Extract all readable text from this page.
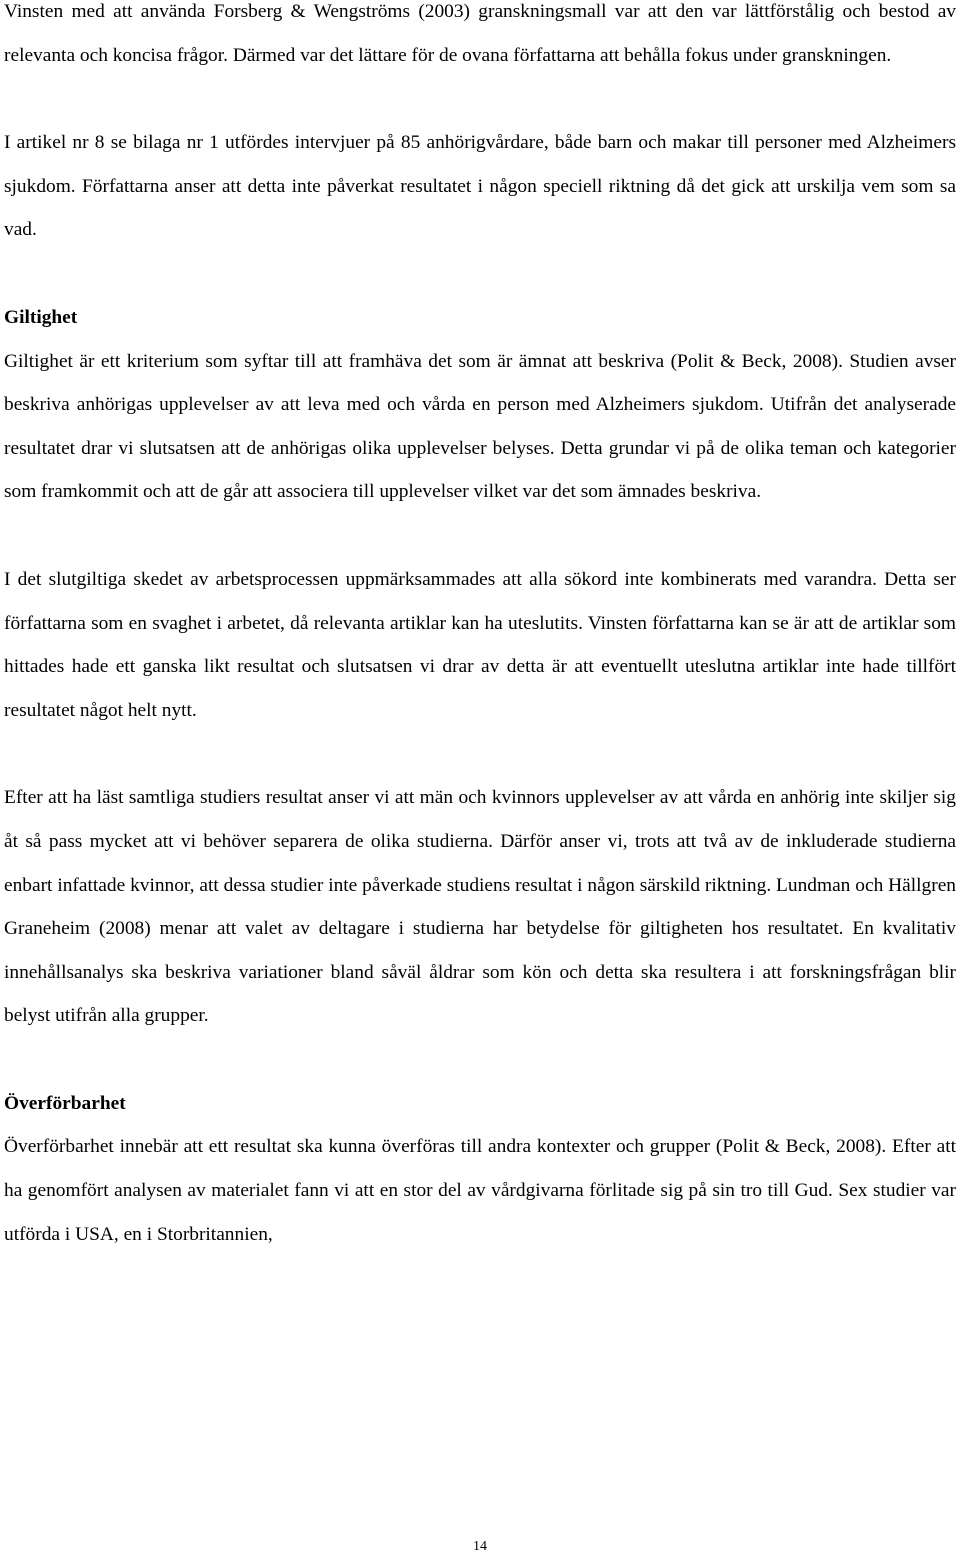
Vinsten med att använda Forsberg & Wengströms (2003) granskningsmall var att den var lättförstålig och bestod av relevanta och koncisa frågor. Därmed var det lättare för de ovana författarna att behålla fokus under granskningen.

I artikel nr 8 se bilaga nr 1 utfördes intervjuer på 85 anhörigvårdare, både barn och makar till personer med Alzheimers sjukdom. Författarna anser att detta inte påverkat resultatet i någon speciell riktning då det gick att urskilja vem som sa vad.

Giltighet

Giltighet är ett kriterium som syftar till att framhäva det som är ämnat att beskriva (Polit & Beck, 2008). Studien avser beskriva anhörigas upplevelser av att leva med och vårda en person med Alzheimers sjukdom. Utifrån det analyserade resultatet drar vi slutsatsen att de anhörigas olika upplevelser belyses. Detta grundar vi på de olika teman och kategorier som framkommit och att de går att associera till upplevelser vilket var det som ämnades beskriva.

I det slutgiltiga skedet av arbetsprocessen uppmärksammades att alla sökord inte kombinerats med varandra. Detta ser författarna som en svaghet i arbetet, då relevanta artiklar kan ha uteslutits. Vinsten författarna kan se är att de artiklar som hittades hade ett ganska likt resultat och slutsatsen vi drar av detta är att eventuellt uteslutna artiklar inte hade tillfört resultatet något helt nytt.

Efter att ha läst samtliga studiers resultat anser vi att män och kvinnors upplevelser av att vårda en anhörig inte skiljer sig åt så pass mycket att vi behöver separera de olika studierna. Därför anser vi, trots att två av de inkluderade studierna enbart infattade kvinnor, att dessa studier inte påverkade studiens resultat i någon särskild riktning. Lundman och Hällgren Graneheim (2008) menar att valet av deltagare i studierna har betydelse för giltigheten hos resultatet. En kvalitativ innehållsanalys ska beskriva variationer bland såväl åldrar som kön och detta ska resultera i att forskningsfrågan blir belyst utifrån alla grupper.

Överförbarhet

Överförbarhet innebär att ett resultat ska kunna överföras till andra kontexter och grupper (Polit & Beck, 2008). Efter att ha genomfört analysen av materialet fann vi att en stor del av vårdgivarna förlitade sig på sin tro till Gud. Sex studier var utförda i USA, en i Storbritannien,

14
